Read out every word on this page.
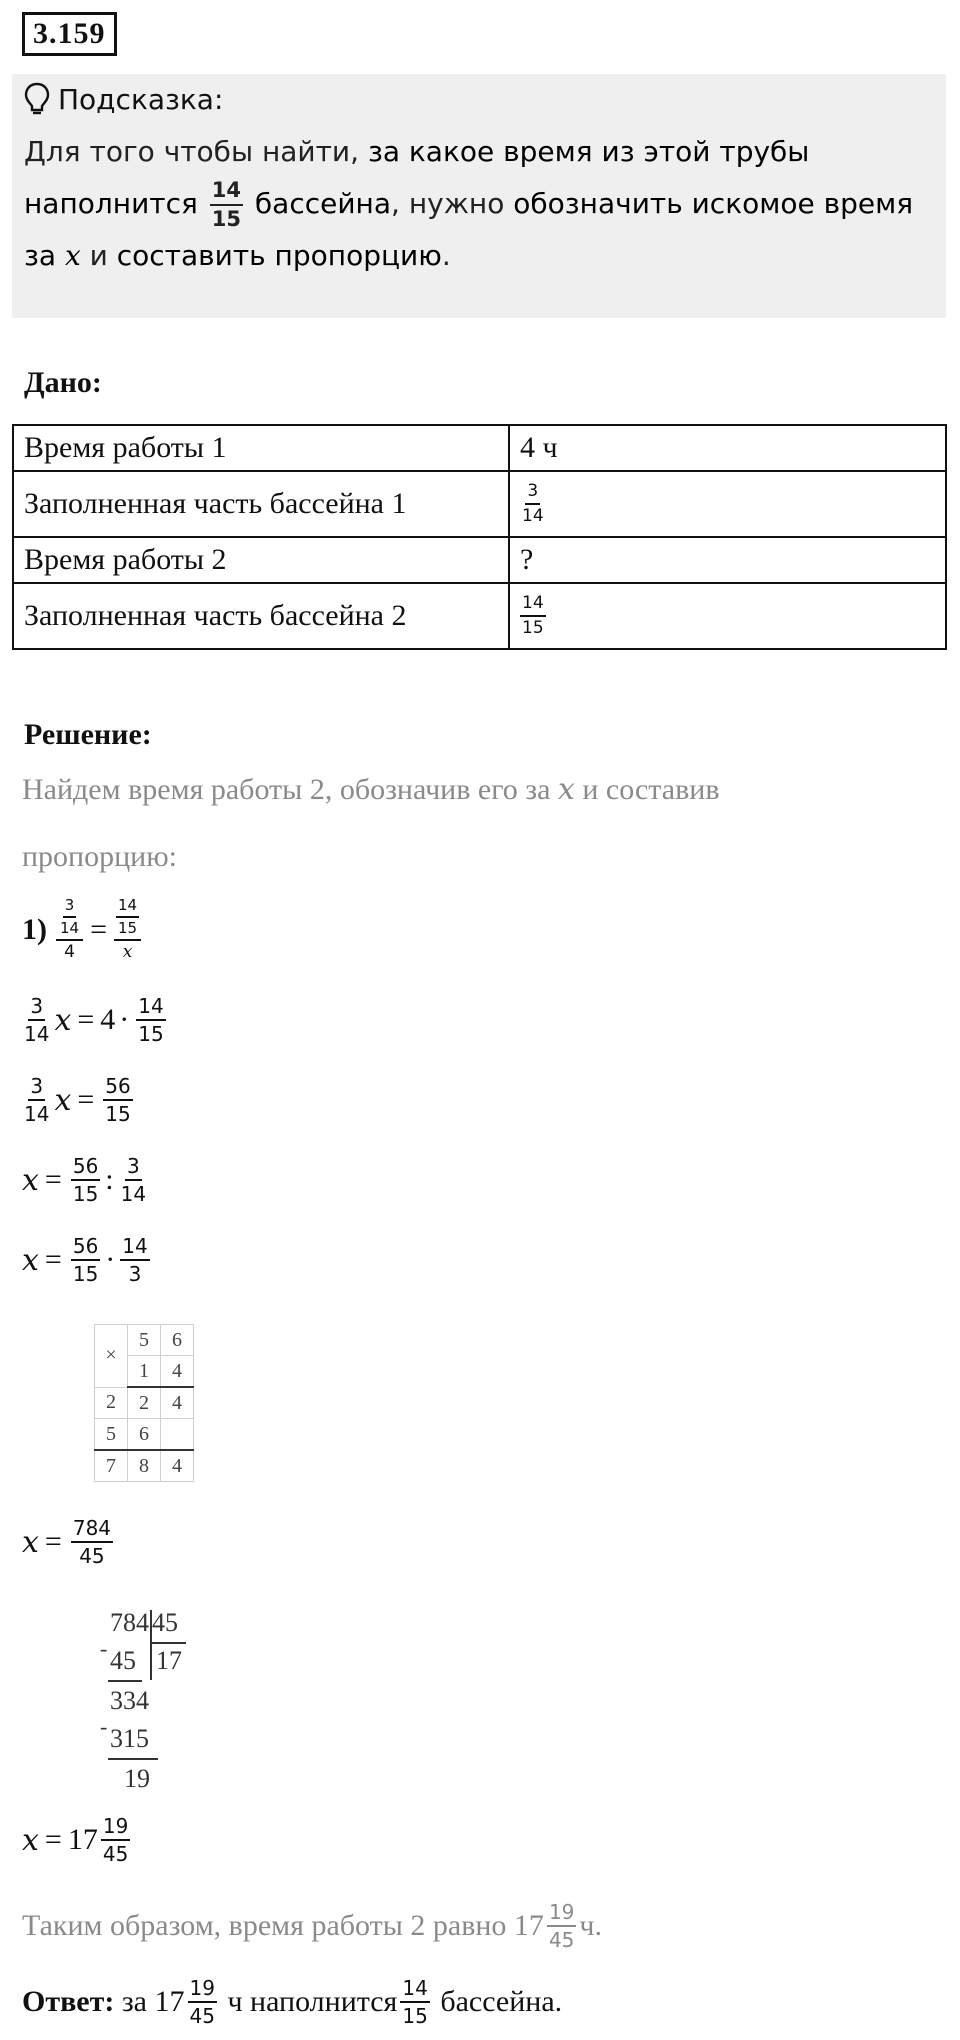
3.159
Подсказка:
Для того чтобы найти, за какое время из этой трубы наполнится $\frac{14}{15}$ бассейна, нужно обозначить искомое время за x и составить пропорцию.
Дано:
Время работы 1	4 ч
Заполненная часть бассейна 1	$\frac{3}{14}$

Время работы 2	?
Заполненная часть бассейна 2	$\frac{14}{15}$
Решение:
Найдем время работы 2, обозначив его за x и составив
пропорцию:
$1) \frac{\frac{3}{14}}{4} = \frac{\frac{14}{15}}{x}$
$\frac{3}{14}$ $x = 4 \cdot \frac{14}{15}$
$\frac{3}{14}$ $x = \frac{56}{15}$
$x = \frac{56}{15}$ : $\frac{3}{14}$
$x = \frac{56}{15} \cdot \frac{14}{3}$
×	5	6
	1	4
2	2	4
5	6	
7	8	4
$x = \frac{784}{45}$
784 45
17
- 45
334
- 315
19
$x = 17 \frac{19}{45}$
Таким образом, время работы 2 равно $17 \frac{19}{45} ч$.
Ответ: за $17 \frac{19}{45}$ ч наполнится $\frac{14}{15}$ бассейна.
